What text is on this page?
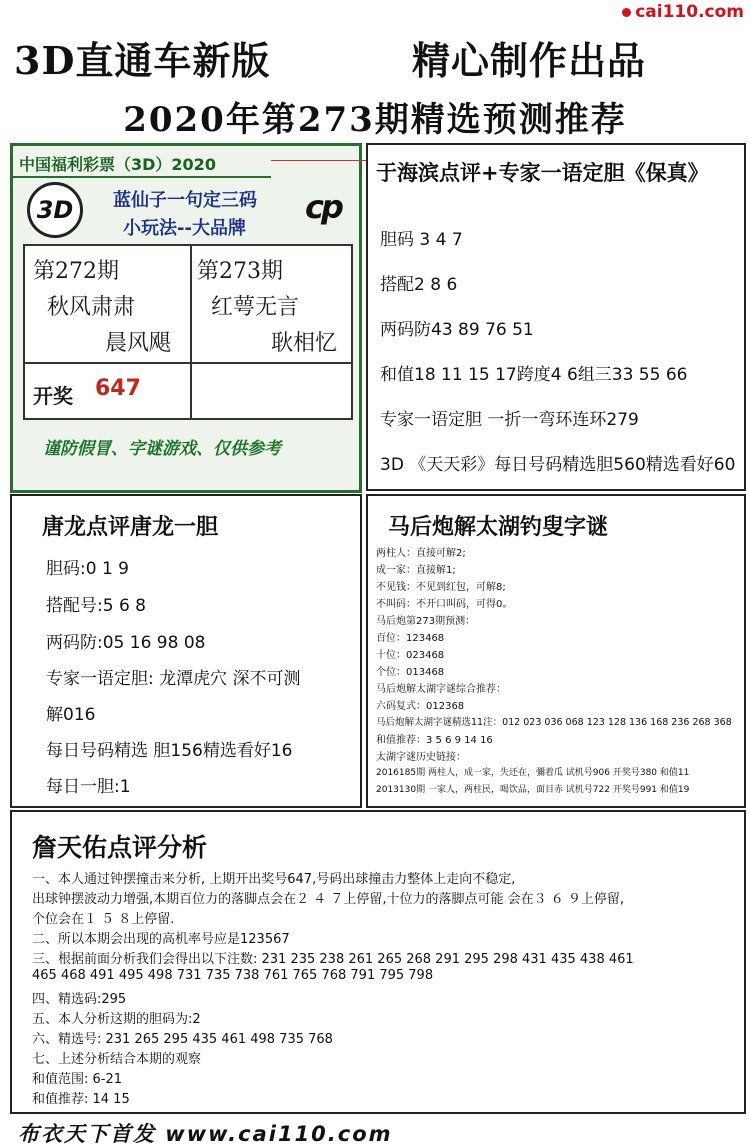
cai110.com
3D直通车新版	精心制作出品
2020年第273期精选预测推荐
中国福利彩票（3D）2020
3D	蓝仙子一句定三码
小玩法--大品牌
cp
第272期
秋风肃肃
晨风飓
第273期
红萼无言
耿相忆
开奖 647
谨防假冒、字谜游戏、仅供参考
于海滨点评+专家一语定胆《保真》
胆码 3 4 7
搭配2 8 6
两码防43 89 76 51
和值18 11 15 17跨度4 6组三33 55 66
专家一语定胆 一折一弯环连环279
3D 《天天彩》每日号码精选胆560精选看好60
唐龙点评唐龙一胆
胆码:0 1 9
搭配号:5 6 8
两码防:05 16 98 08
专家一语定胆: 龙潭虎穴 深不可测
解016
每日号码精选 胆156精选看好16
每日一胆:1
马后炮解太湖钓叟字谜
两柱人：直接可解2;
成一家：直接解1;
不见钱：不见到红包，可解8;
不叫码：不开口叫码，可得0。
马后炮第273期预测：
百位：123468
十位：023468
个位：013468
马后炮解太湖字谜综合推荐：
六码复式：012368
马后炮解太湖字谜精选11注：012 023 036 068 123 128 136 168 236 268 368
和值推荐：3 5 6 9 14 16
太湖字谜历史链接：
2016185期 两柱人，成一家，失还在，彌着瓜 试机号906 开奖号380 和值11
2013130期 一家人，两柱民，喝饮品，面目赤 试机号722 开奖号991 和值19
詹天佑点评分析
一、本人通过钟摆撞击来分析, 上期开出奖号647,号码出球撞击力整体上走向不稳定,
出球钟摆波动力增强,本期百位力的落脚点会在２ ４ ７上停留,十位力的落脚点可能 会在３ ６ ９上停留,
个位会在１ ５ ８上停留.
二、所以本期会出现的高机率号应是123567
三、根据前面分析我们会得出以下注数: 231 235 238 261 265 268 291 295 298 431 435 438 461
465 468 491 495 498 731 735 738 761 765 768 791 795 798
四、精选码:295
五、本人分析这期的胆码为:2
六、精选号: 231 265 295 435 461 498 735 768
七、上述分析结合本期的观察
和值范围: 6-21
和值推荐: 14 15
布衣天下首发 www.cai110.com
